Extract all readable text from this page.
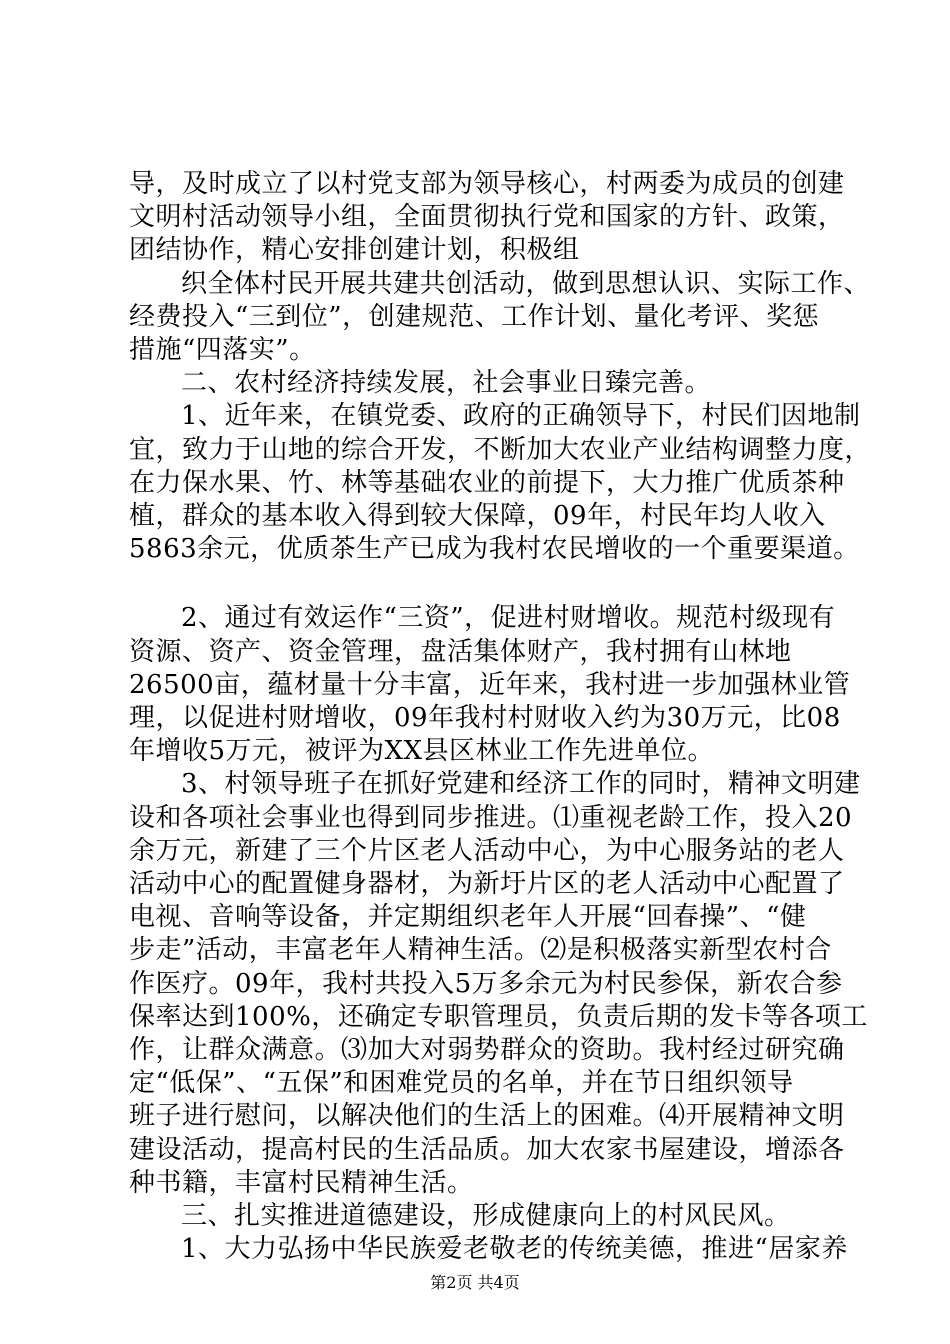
导，及时成立了以村党支部为领导核心，村两委为成员的创建
文明村活动领导小组，全面贯彻执行党和国家的方针、政策，
团结协作，精心安排创建计划，积极组
织全体村民开展共建共创活动，做到思想认识、实际工作、
经费投入“三到位”，创建规范、工作计划、量化考评、奖惩
措施“四落实”。
二、农村经济持续发展，社会事业日臻完善。
1、近年来，在镇党委、政府的正确领导下，村民们因地制
宜，致力于山地的综合开发，不断加大农业产业结构调整力度，
在力保水果、竹、林等基础农业的前提下，大力推广优质茶种
植，群众的基本收入得到较大保障，09年，村民年均人收入
5863余元，优质茶生产已成为我村农民增收的一个重要渠道。
2、通过有效运作“三资”，促进村财增收。规范村级现有
资源、资产、资金管理，盘活集体财产，我村拥有山林地
26500亩，蕴材量十分丰富，近年来，我村进一步加强林业管
理，以促进村财增收，09年我村村财收入约为30万元，比08
年增收5万元，被评为XX县区林业工作先进单位。
3、村领导班子在抓好党建和经济工作的同时，精神文明建
设和各项社会事业也得到同步推进。⑴重视老龄工作，投入20
余万元，新建了三个片区老人活动中心，为中心服务站的老人
活动中心的配置健身器材，为新圩片区的老人活动中心配置了
电视、音响等设备，并定期组织老年人开展“回春操”、“健
步走”活动，丰富老年人精神生活。⑵是积极落实新型农村合
作医疗。09年，我村共投入5万多余元为村民参保，新农合参
保率达到100%，还确定专职管理员，负责后期的发卡等各项工
作，让群众满意。⑶加大对弱势群众的资助。我村经过研究确
定“低保”、“五保”和困难党员的名单，并在节日组织领导
班子进行慰问，以解决他们的生活上的困难。⑷开展精神文明
建设活动，提高村民的生活品质。加大农家书屋建设，增添各
种书籍，丰富村民精神生活。
三、扎实推进道德建设，形成健康向上的村风民风。
1、大力弘扬中华民族爱老敬老的传统美德，推进“居家养
第2页 共4页
